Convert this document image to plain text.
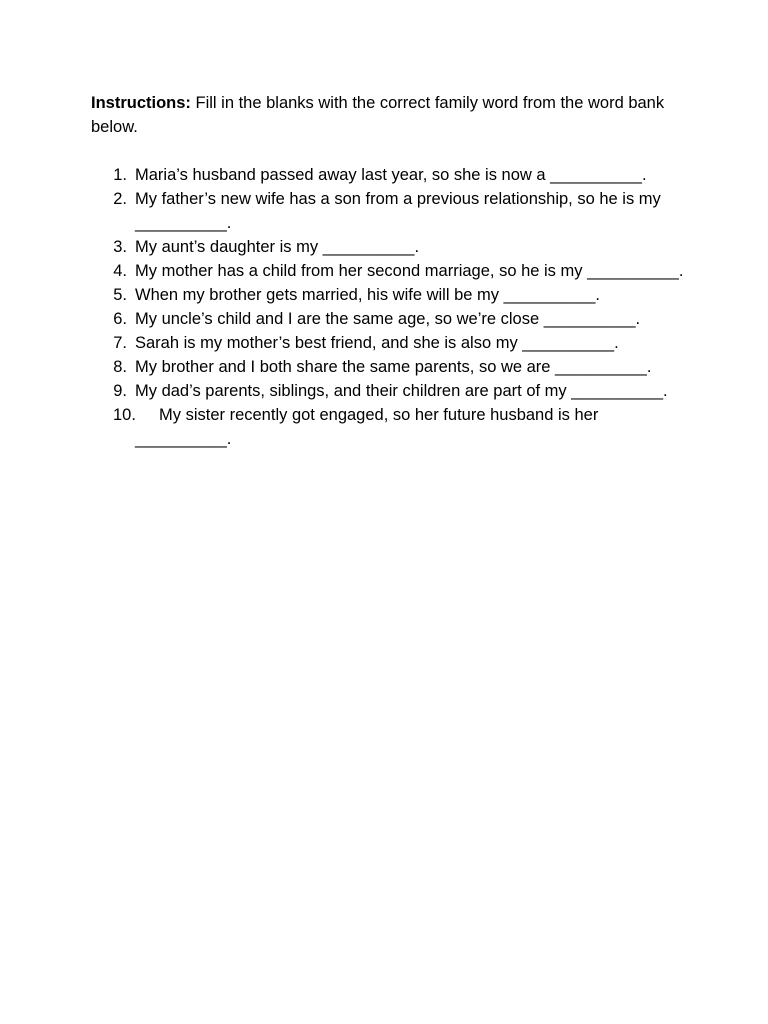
Instructions: Fill in the blanks with the correct family word from the word bank below.

1. Maria’s husband passed away last year, so she is now a __________.
2. My father’s new wife has a son from a previous relationship, so he is my __________.
3. My aunt’s daughter is my __________.
4. My mother has a child from her second marriage, so he is my __________.
5. When my brother gets married, his wife will be my __________.
6. My uncle’s child and I are the same age, so we’re close __________.
7. Sarah is my mother’s best friend, and she is also my __________.
8. My brother and I both share the same parents, so we are __________.
9. My dad’s parents, siblings, and their children are part of my __________.
10.	My sister recently got engaged, so her future husband is her __________.
